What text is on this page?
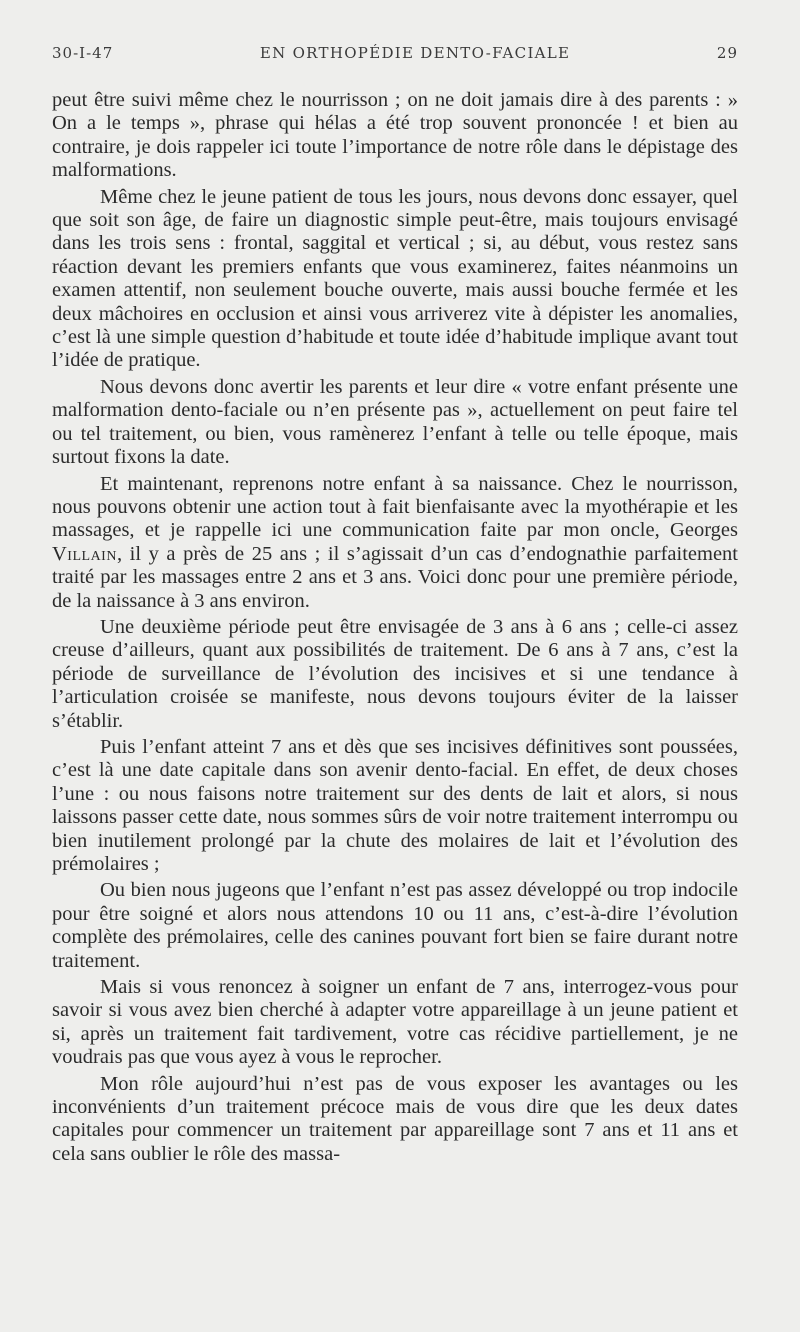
30-I-47	EN ORTHOPÉDIE DENTO-FACIALE	29

peut être suivi même chez le nourrisson ; on ne doit jamais dire à des parents : » On a le temps », phrase qui hélas a été trop souvent prononcée ! et bien au contraire, je dois rappeler ici toute l’importance de notre rôle dans le dépistage des malformations.

Même chez le jeune patient de tous les jours, nous devons donc essayer, quel que soit son âge, de faire un diagnostic simple peut-être, mais toujours envisagé dans les trois sens : frontal, saggital et vertical ; si, au début, vous restez sans réaction devant les premiers enfants que vous examinerez, faites néanmoins un examen attentif, non seulement bouche ouverte, mais aussi bouche fermée et les deux mâchoires en occlusion et ainsi vous arriverez vite à dépister les anomalies, c’est là une simple question d’habitude et toute idée d’habitude implique avant tout l’idée de pratique.

Nous devons donc avertir les parents et leur dire « votre enfant présente une malformation dento-faciale ou n’en présente pas », actuellement on peut faire tel ou tel traitement, ou bien, vous ramènerez l’enfant à telle ou telle époque, mais surtout fixons la date.

Et maintenant, reprenons notre enfant à sa naissance. Chez le nourrisson, nous pouvons obtenir une action tout à fait bienfaisante avec la myothérapie et les massages, et je rappelle ici une communication faite par mon oncle, Georges Villain, il y a près de 25 ans ; il s’agissait d’un cas d’endognathie parfaitement traité par les massages entre 2 ans et 3 ans. Voici donc pour une première période, de la naissance à 3 ans environ.

Une deuxième période peut être envisagée de 3 ans à 6 ans ; celle-ci assez creuse d’ailleurs, quant aux possibilités de traitement. De 6 ans à 7 ans, c’est la période de surveillance de l’évolution des incisives et si une tendance à l’articulation croisée se manifeste, nous devons toujours éviter de la laisser s’établir.

Puis l’enfant atteint 7 ans et dès que ses incisives définitives sont poussées, c’est là une date capitale dans son avenir dento-facial. En effet, de deux choses l’une : ou nous faisons notre traitement sur des dents de lait et alors, si nous laissons passer cette date, nous sommes sûrs de voir notre traitement interrompu ou bien inutilement prolongé par la chute des molaires de lait et l’évolution des prémolaires ;

Ou bien nous jugeons que l’enfant n’est pas assez développé ou trop indocile pour être soigné et alors nous attendons 10 ou 11 ans, c’est-à-dire l’évolution complète des prémolaires, celle des canines pouvant fort bien se faire durant notre traitement.

Mais si vous renoncez à soigner un enfant de 7 ans, interrogez-vous pour savoir si vous avez bien cherché à adapter votre appareillage à un jeune patient et si, après un traitement fait tardivement, votre cas récidive partiellement, je ne voudrais pas que vous ayez à vous le reprocher.

Mon rôle aujourd’hui n’est pas de vous exposer les avantages ou les inconvénients d’un traitement précoce mais de vous dire que les deux dates capitales pour commencer un traitement par appareillage sont 7 ans et 11 ans et cela sans oublier le rôle des massa-
